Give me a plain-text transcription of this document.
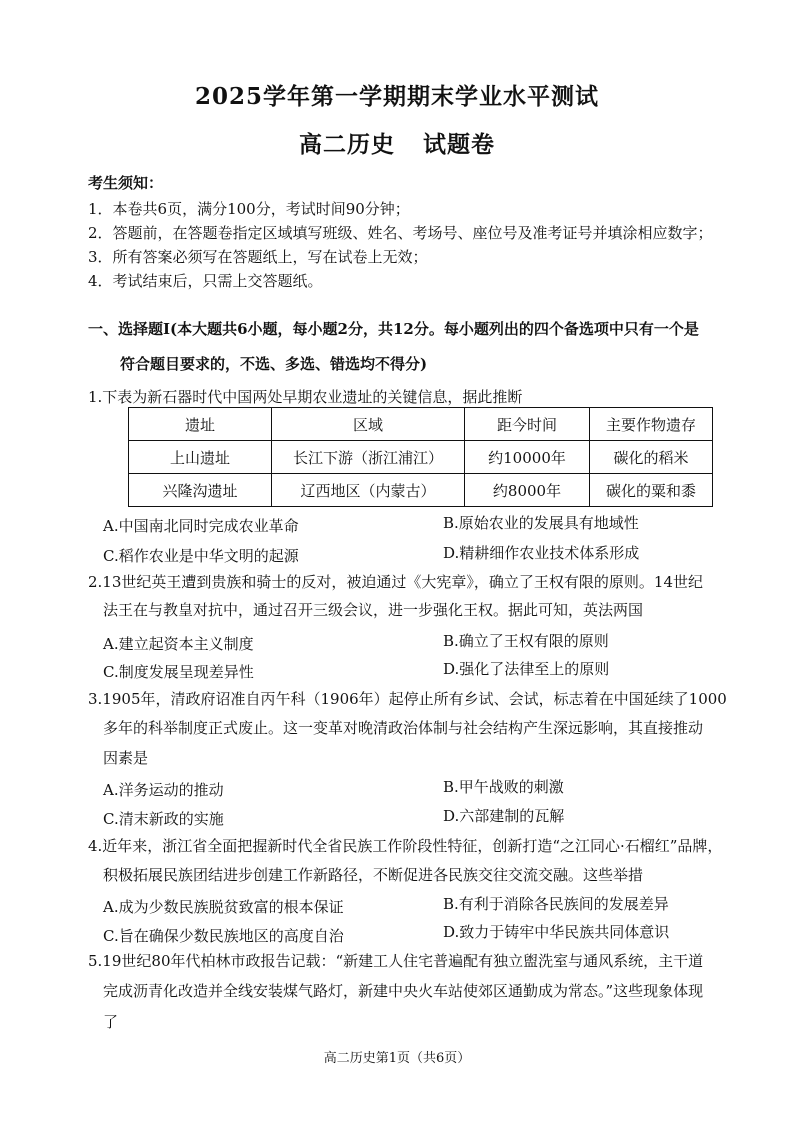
2025学年第一学期期末学业水平测试
高二历史 试题卷
考生须知：
1．本卷共6页，满分100分，考试时间90分钟；
2．答题前，在答题卷指定区域填写班级、姓名、考场号、座位号及准考证号并填涂相应数字；
3．所有答案必须写在答题纸上，写在试卷上无效；
4．考试结束后，只需上交答题纸。
一、选择题Ⅰ(本大题共6小题，每小题2分，共12分。每小题列出的四个备选项中只有一个是
符合题目要求的，不选、多选、错选均不得分)
1.下表为新石器时代中国两处早期农业遗址的关键信息，据此推断
遗址	区域	距今时间	主要作物遗存
上山遗址	长江下游（浙江浦江）	约10000年	碳化的稻米
兴隆沟遗址	辽西地区（内蒙古）	约8000年	碳化的粟和黍
A.中国南北同时完成农业革命	B.原始农业的发展具有地域性
C.稻作农业是中华文明的起源	D.精耕细作农业技术体系形成
2.13世纪英王遭到贵族和骑士的反对，被迫通过《大宪章》，确立了王权有限的原则。14世纪
法王在与教皇对抗中，通过召开三级会议，进一步强化王权。据此可知，英法两国
A.建立起资本主义制度	B.确立了王权有限的原则
C.制度发展呈现差异性	D.强化了法律至上的原则
3.1905年，清政府诏准自丙午科（1906年）起停止所有乡试、会试，标志着在中国延续了1000
多年的科举制度正式废止。这一变革对晚清政治体制与社会结构产生深远影响，其直接推动
因素是
A.洋务运动的推动	B.甲午战败的刺激
C.清末新政的实施	D.六部建制的瓦解
4.近年来，浙江省全面把握新时代全省民族工作阶段性特征，创新打造“之江同心·石榴红”品牌，
积极拓展民族团结进步创建工作新路径，不断促进各民族交往交流交融。这些举措
A.成为少数民族脱贫致富的根本保证	B.有利于消除各民族间的发展差异
C.旨在确保少数民族地区的高度自治	D.致力于铸牢中华民族共同体意识
5.19世纪80年代柏林市政报告记载：“新建工人住宅普遍配有独立盥洗室与通风系统，主干道
完成沥青化改造并全线安装煤气路灯，新建中央火车站使郊区通勤成为常态。”这些现象体现
了
高二历史第1页（共6页）
